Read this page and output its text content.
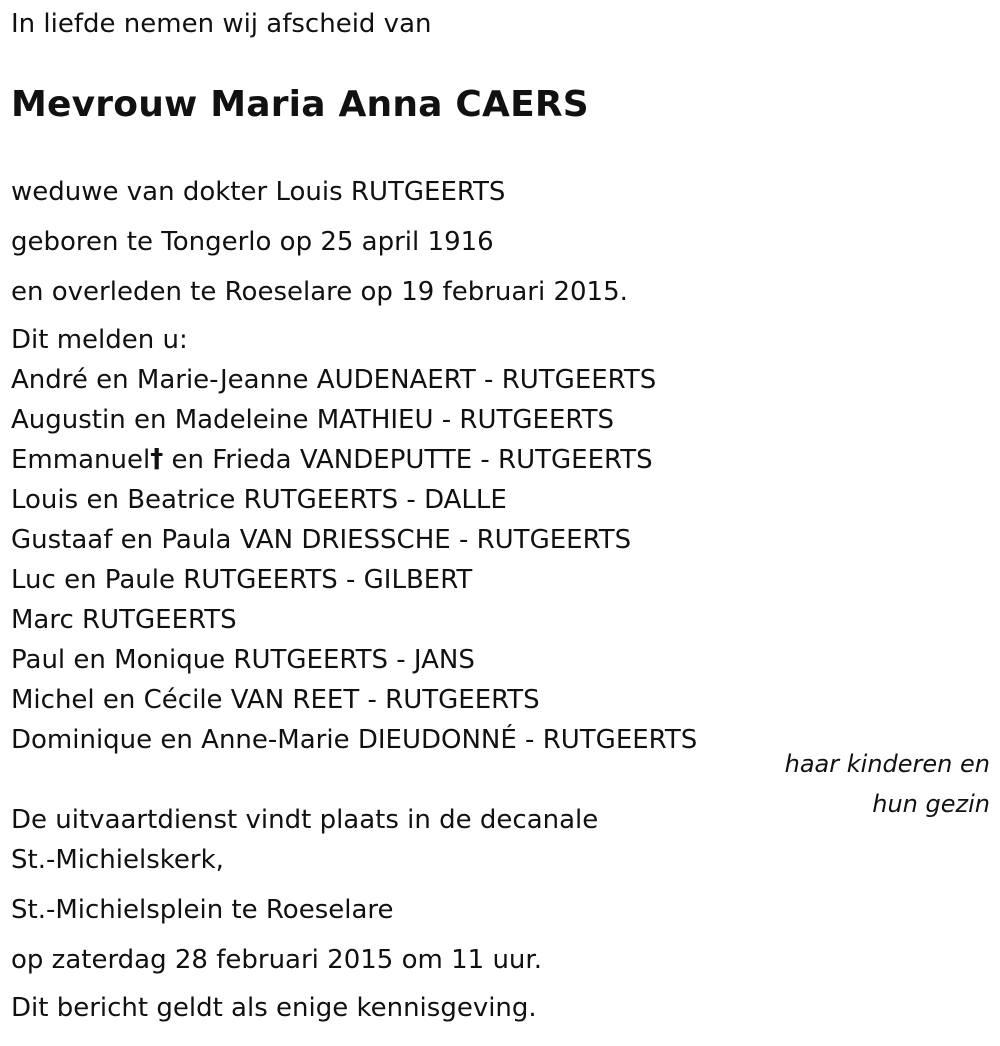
In liefde nemen wij afscheid van
Mevrouw Maria Anna CAERS
weduwe van dokter Louis RUTGEERTS
geboren te Tongerlo op 25 april 1916
en overleden te Roeselare op 19 februari 2015.
Dit melden u:
André en Marie-Jeanne AUDENAERT - RUTGEERTS
Augustin en Madeleine MATHIEU - RUTGEERTS
Emmanuel† en Frieda VANDEPUTTE - RUTGEERTS
Louis en Beatrice RUTGEERTS - DALLE
Gustaaf en Paula VAN DRIESSCHE - RUTGEERTS
Luc en Paule RUTGEERTS - GILBERT
Marc RUTGEERTS
Paul en Monique RUTGEERTS - JANS
Michel en Cécile VAN REET - RUTGEERTS
Dominique en Anne-Marie DIEUDONNÉ - RUTGEERTS
haar kinderen en
hun gezin
De uitvaartdienst vindt plaats in de decanale
St.-Michielskerk,
St.-Michielsplein te Roeselare
op zaterdag 28 februari 2015 om 11 uur.
Dit bericht geldt als enige kennisgeving.
